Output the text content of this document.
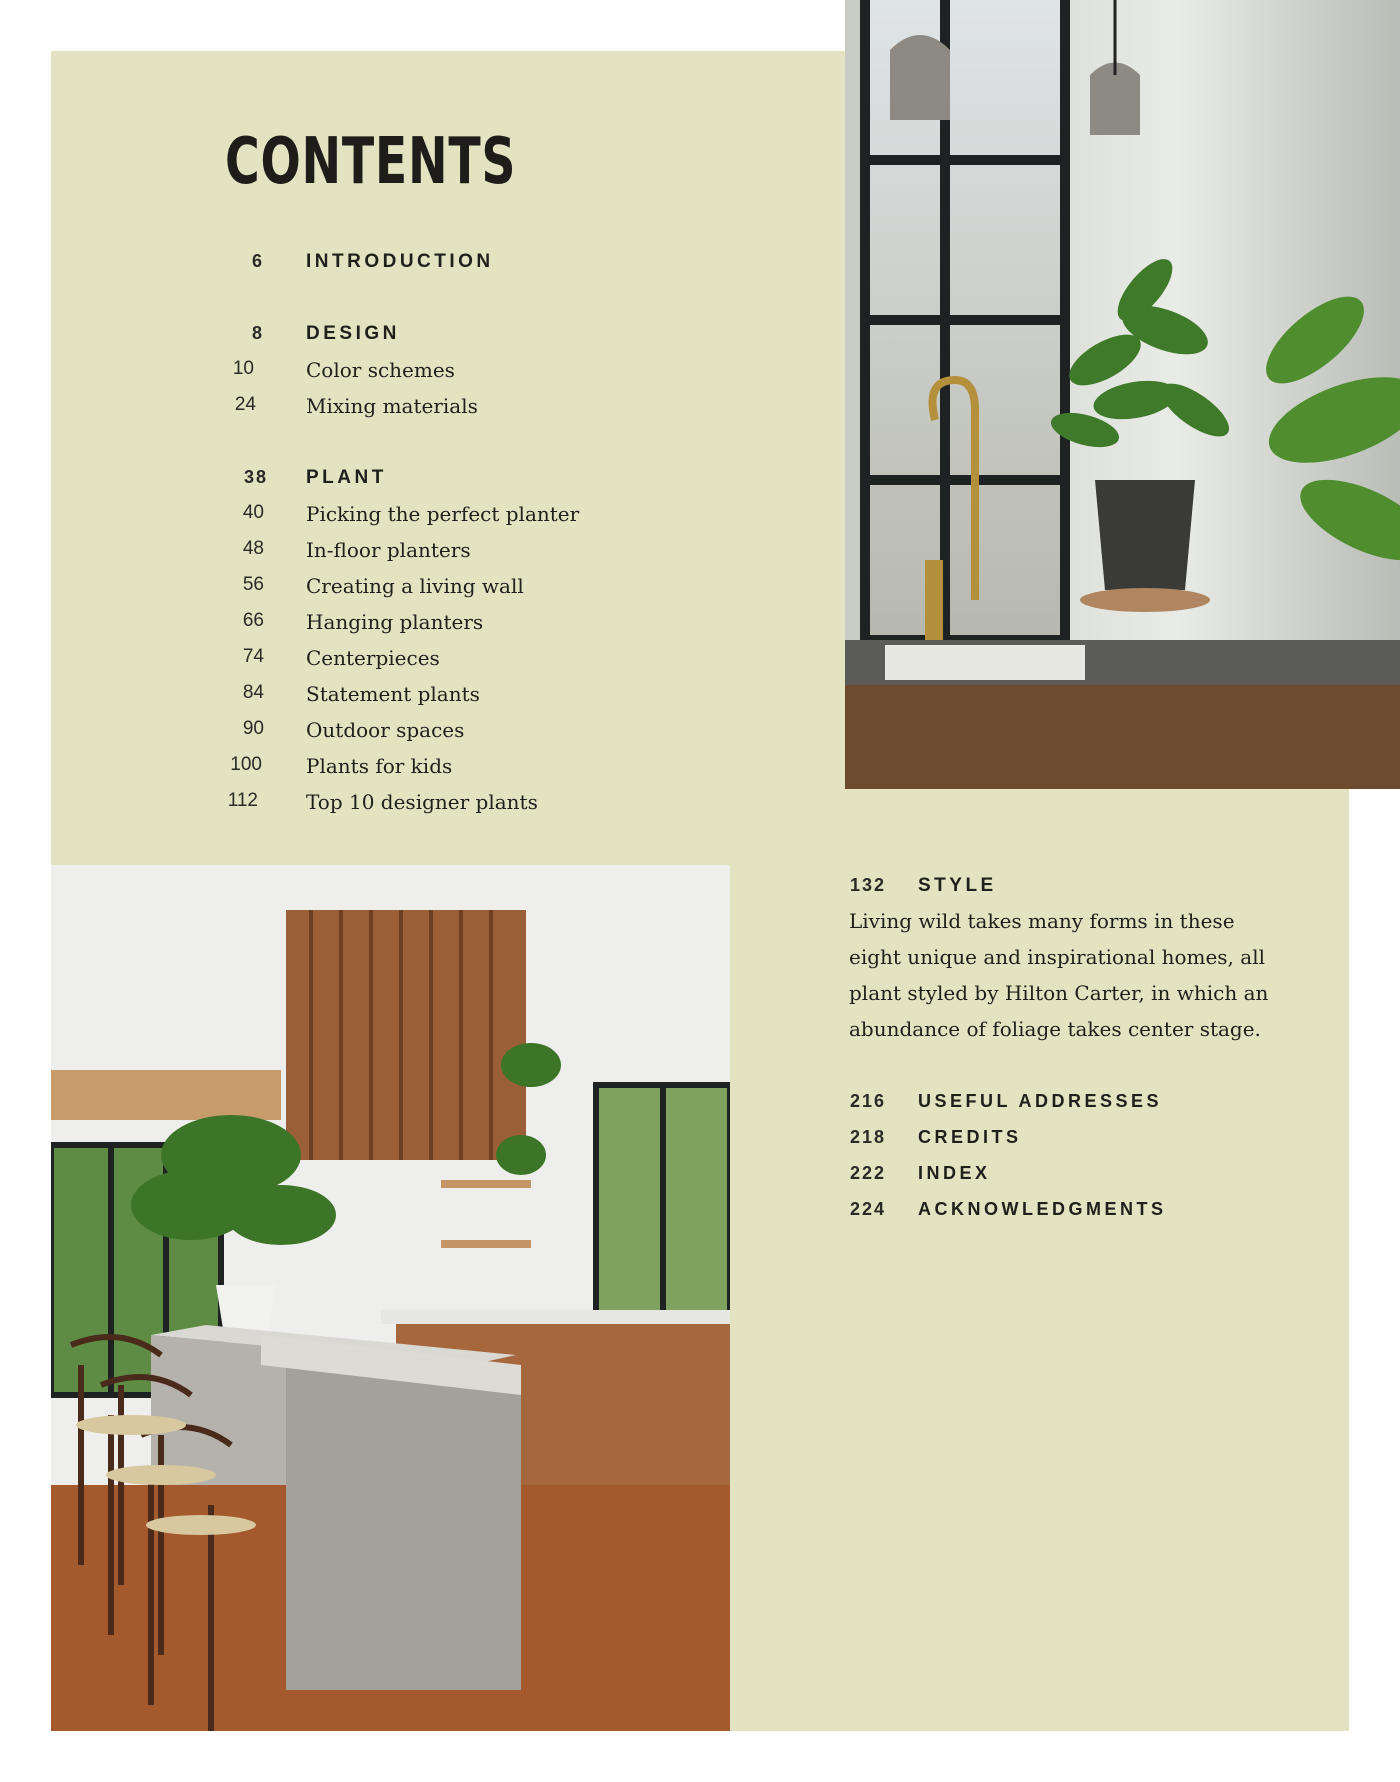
CONTENTS
6 INTRODUCTION
8 DESIGN
10	Color schemes
24	Mixing materials
38 PLANT
40 Picking the perfect planter
48 In-floor planters
56 Creating a living wall
66 Hanging planters
74 Centerpieces
84 Statement plants
90 Outdoor spaces
100 Plants for kids
112 Top 10 designer plants
132 STYLE

Living wild takes many forms in these eight unique and inspirational homes, all plant styled by Hilton Carter, in which an abundance of foliage takes center stage.

216 USEFUL ADDRESSES
218 CREDITS
222 INDEX
224 ACKNOWLEDGMENTS
